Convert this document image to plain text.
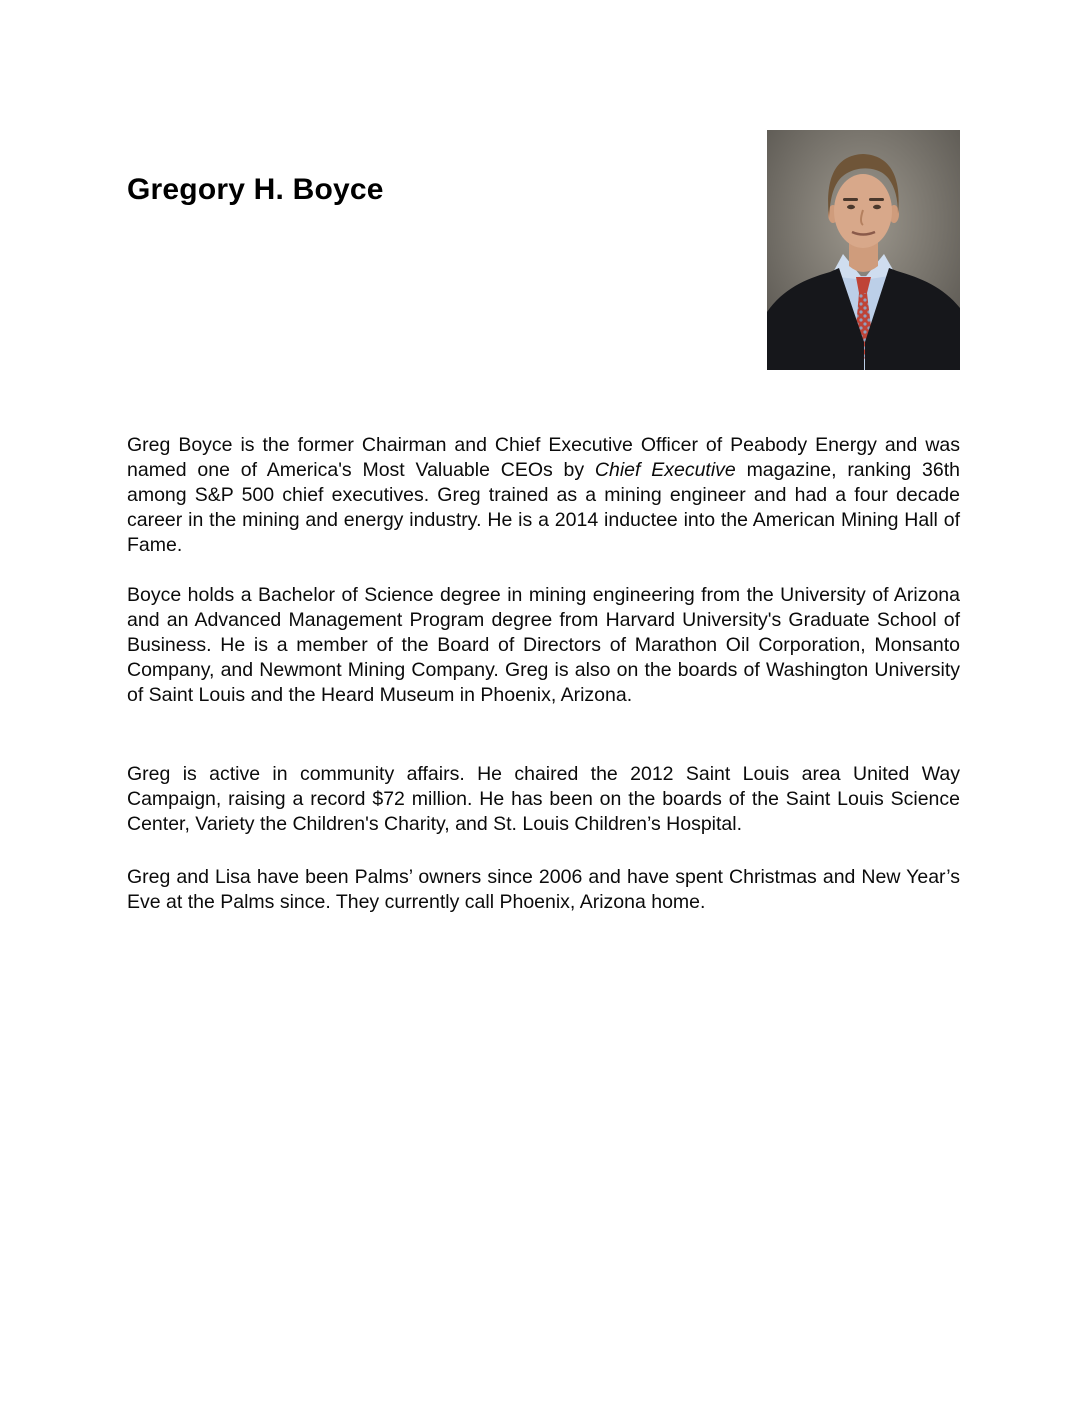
Gregory H. Boyce

Greg Boyce is the former Chairman and Chief Executive Officer of Peabody Energy and was named one of America's Most Valuable CEOs by Chief Executive magazine, ranking 36th among S&P 500 chief executives. Greg trained as a mining engineer and had a four decade career in the mining and energy industry. He is a 2014 inductee into the American Mining Hall of Fame.

Boyce holds a Bachelor of Science degree in mining engineering from the University of Arizona and an Advanced Management Program degree from Harvard University's Graduate School of Business. He is a member of the Board of Directors of Marathon Oil Corporation, Monsanto Company, and Newmont Mining Company. Greg is also on the boards of Washington University of Saint Louis and the Heard Museum in Phoenix, Arizona.

Greg is active in community affairs. He chaired the 2012 Saint Louis area United Way Campaign, raising a record $72 million. He has been on the boards of the Saint Louis Science Center, Variety the Children's Charity, and St. Louis Children’s Hospital.

Greg and Lisa have been Palms’ owners since 2006 and have spent Christmas and New Year’s Eve at the Palms since. They currently call Phoenix, Arizona home.
